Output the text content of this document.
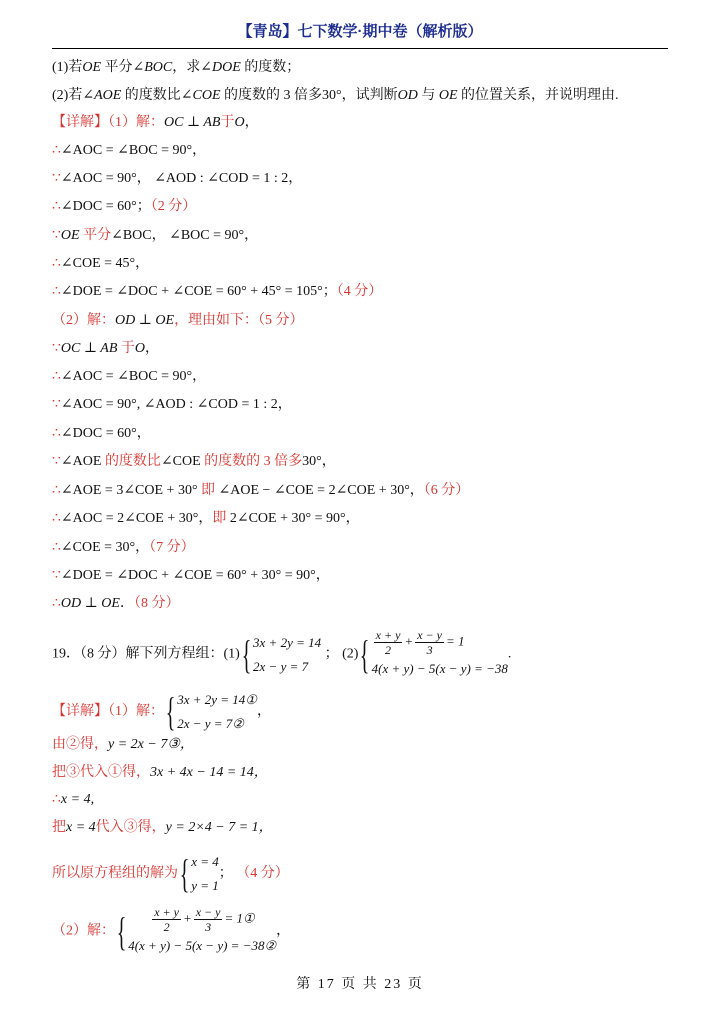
【青岛】七下数学·期中卷（解析版）
(1)若OE 平分∠BOC，求∠DOE 的度数；
(2)若∠AOE 的度数比∠COE 的度数的 3 倍多30°，试判断OD 与 OE 的位置关系，并说明理由.
【详解】（1）解：OC ⊥ AB于O，
∴∠AOC = ∠BOC = 90°，
∵∠AOC = 90°， ∠AOD : ∠COD = 1 : 2，
∴∠DOC = 60°；（2 分）
∵OE 平分∠BOC， ∠BOC = 90°，
∴∠COE = 45°，
∴∠DOE = ∠DOC + ∠COE = 60° + 45° = 105°；（4 分）
（2）解：OD ⊥ OE，理由如下：（5 分）
∵OC ⊥ AB 于O，
∴∠AOC = ∠BOC = 90°，
∵∠AOC = 90°, ∠AOD : ∠COD = 1 : 2，
∴∠DOC = 60°，
∵∠AOE 的度数比∠COE 的度数的 3 倍多30°，
∴∠AOE = 3∠COE + 30° 即 ∠AOE − ∠COE = 2∠COE + 30°，（6 分）
∴∠AOC = 2∠COE + 30°，即 2∠COE + 30° = 90°，
∴∠COE = 30°，（7 分）
∵∠DOE = ∠DOC + ∠COE = 60° + 30° = 90°，
∴OD ⊥ OE．（8 分）
19．（8 分）解下列方程组：(1) { 3x + 2y = 14
2x − y = 7
； (2) { $\frac{x + y}{2} + \frac{x - y}{3} = 1$
4(x + y) − 5(x − y) = −38
.
【详解】（1）解： { 3x + 2y = 14①
2x − y = 7②
，
由②得，y = 2x − 7③，
把③代入①得，3x + 4x − 14 = 14，
∴x = 4,
把x = 4代入③得，y = 2×4 − 7 = 1，
所以原方程组的解为 { x = 4
y = 1
； （4 分）
（2）解： { $\frac{x + y}{2} + \frac{x - y}{3}$ = 1①
4(x + y) − 5(x − y) = −38②
，
第 17 页 共 23 页
